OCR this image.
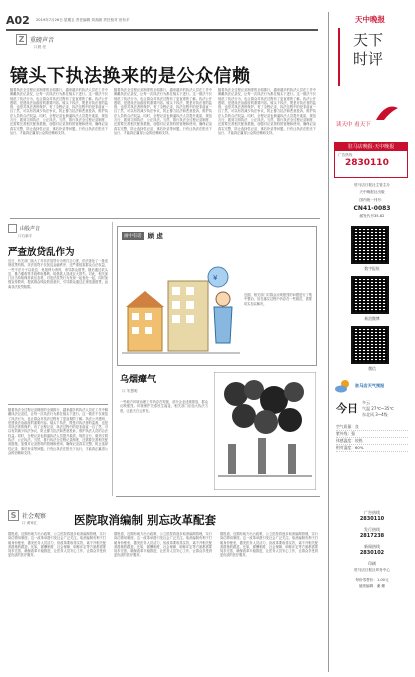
A02 2019年7月26日 星期五 责任编辑 刘高阁 责任校对 田有平	天中晚报
天下
时评
Z 重磅声音
口晨 亮
镜头下执法换来的是公众信赖
随着执法全过程记录制度的全面推行，越来越多的执法人员在工作中佩戴执法记录仪，让每一次执法行为都在镜头下进行。这一做法不仅规范了执法行为，也让群众对执法过程有了更直观的了解。执法公开透明，是建设法治政府的重要内容。镜头下执法，既是对执法者的监督，也是对执法者的保护。有了全程记录，执法过程中的是非曲直一目了然，可以有效减少执法争议，防止暴力抗法和恶意投诉，维护执法人员的合法权益。同时，全程记录也倒逼执法人员提升素质，规范言行，做到文明执法、公正执法。当然，推行执法全过程记录制度，还需要完善相关配套措施，加强对记录资料的管理和使用，确保记录真实完整，防止选择性记录、事后补录等问题。只有让执法在阳光下运行，才能真正赢得公众的信赖和支持。
随着执法全过程记录制度的全面推行，越来越多的执法人员在工作中佩戴执法记录仪，让每一次执法行为都在镜头下进行。这一做法不仅规范了执法行为，也让群众对执法过程有了更直观的了解。执法公开透明，是建设法治政府的重要内容。镜头下执法，既是对执法者的监督，也是对执法者的保护。有了全程记录，执法过程中的是非曲直一目了然，可以有效减少执法争议，防止暴力抗法和恶意投诉，维护执法人员的合法权益。同时，全程记录也倒逼执法人员提升素质，规范言行，做到文明执法、公正执法。当然，推行执法全过程记录制度，还需要完善相关配套措施，加强对记录资料的管理和使用，确保记录真实完整，防止选择性记录、事后补录等问题。只有让执法在阳光下运行，才能真正赢得公众的信赖和支持。
随着执法全过程记录制度的全面推行，越来越多的执法人员在工作中佩戴执法记录仪，让每一次执法行为都在镜头下进行。这一做法不仅规范了执法行为，也让群众对执法过程有了更直观的了解。执法公开透明，是建设法治政府的重要内容。镜头下执法，既是对执法者的监督，也是对执法者的保护。有了全程记录，执法过程中的是非曲直一目了然，可以有效减少执法争议，防止暴力抗法和恶意投诉，维护执法人员的合法权益。同时，全程记录也倒逼执法人员提升素质，规范言行，做到文明执法、公正执法。当然，推行执法全过程记录制度，还需要完善相关配套措施，加强对记录资料的管理和使用，确保记录真实完整，防止选择性记录、事后补录等问题。只有让执法在阳光下运行，才能真正赢得公众的信赖和支持。
由股声音
口石新宇
严查放贷乱作为
近日，有关部门加大了对非法放贷行为的打击力度，依法查处了一批违规放贷机构。非法放贷不仅扰乱金融秩序，还严重侵害群众合法权益，一些不法分子以低息、免抵押为诱饵，诱导群众借贷，随后通过砍头息、暴力催收等手段牟取暴利，给借款人造成巨大损失。对此，相关部门应当持续保持高压态势，对违法放贷行为发现一起查处一起，同时加强宣传教育，提高群众风险防范意识，引导群众通过正规渠道借贷，远离非法放贷陷阱。
随着执法全过程记录制度的全面推行，越来越多的执法人员在工作中佩戴执法记录仪，让每一次执法行为都在镜头下进行。这一做法不仅规范了执法行为，也让群众对执法过程有了更直观的了解。执法公开透明，是建设法治政府的重要内容。镜头下执法，既是对执法者的监督，也是对执法者的保护。有了全程记录，执法过程中的是非曲直一目了然，可以有效减少执法争议，防止暴力抗法和恶意投诉，维护执法人员的合法权益。同时，全程记录也倒逼执法人员提升素质，规范言行，做到文明执法、公正执法。当然，推行执法全过程记录制度，还需要完善相关配套措施，加强对记录资料的管理和使用，确保记录真实完整，防止选择性记录、事后补录等问题。只有让执法在阳光下运行，才能真正赢得公众的信赖和支持。
画中有话 顾 虑
¥
近期，相关部门对群众反映强烈的问题进行了集中整治，但在落实过程中仍存在一些顾虑，需要切实加以解决。
乌烟瘴气
口 朱慧明
一些地方环境治理工作仍存在短板，部分企业违规排放，群众反映强烈。环境保护关系民生福祉，相关部门应加大执法力度，让蓝天白云常在。
S 社会观察
口 黄家汇	医院取消编制 别忘改革配套
据报道，近期有地方出台政策，公立医院将逐步取消编制管理，实行岗位聘用制度。这一改革举措引发社会广泛关注。取消编制有利于打破身份壁垒，激发医务人员活力，但改革要取得实效，离不开相关配套措施的跟进。比如，薪酬制度、社会保障、职称评定等方面都需要同步完善，确保改革平稳推进，让医务人员安心工作，让群众享受到更优质的医疗服务。
据报道，近期有地方出台政策，公立医院将逐步取消编制管理，实行岗位聘用制度。这一改革举措引发社会广泛关注。取消编制有利于打破身份壁垒，激发医务人员活力，但改革要取得实效，离不开相关配套措施的跟进。比如，薪酬制度、社会保障、职称评定等方面都需要同步完善，确保改革平稳推进，让医务人员安心工作，让群众享受到更优质的医疗服务。
据报道，近期有地方出台政策，公立医院将逐步取消编制管理，实行岗位聘用制度。这一改革举措引发社会广泛关注。取消编制有利于打破身份壁垒，激发医务人员活力，但改革要取得实效，离不开相关配套措施的跟进。比如，薪酬制度、社会保障、职称评定等方面都需要同步完善，确保改革平稳推进，让医务人员安心工作，让群众享受到更优质的医疗服务。
读天中 看天下
驻马店晚报·天中晚报
广告热线
2830110
驻马店日报社主管主办
天中晚报社出版
国内统一刊号：
CN41-0083
邮发代号35-82
数字报纸
新浪微博
微信
驻马店天气预报
今日 多云
气温 27℃~35℃
东北风 3~4级
空气质量：良
紫外线：强
体感温度：较热
相对湿度：60%
广告热线
2830110
发行热线
2817238
新闻热线
2830102
印刷
驻马店日报社印务中心
每份零售价：1.00元
值班编辑：谢 姗
